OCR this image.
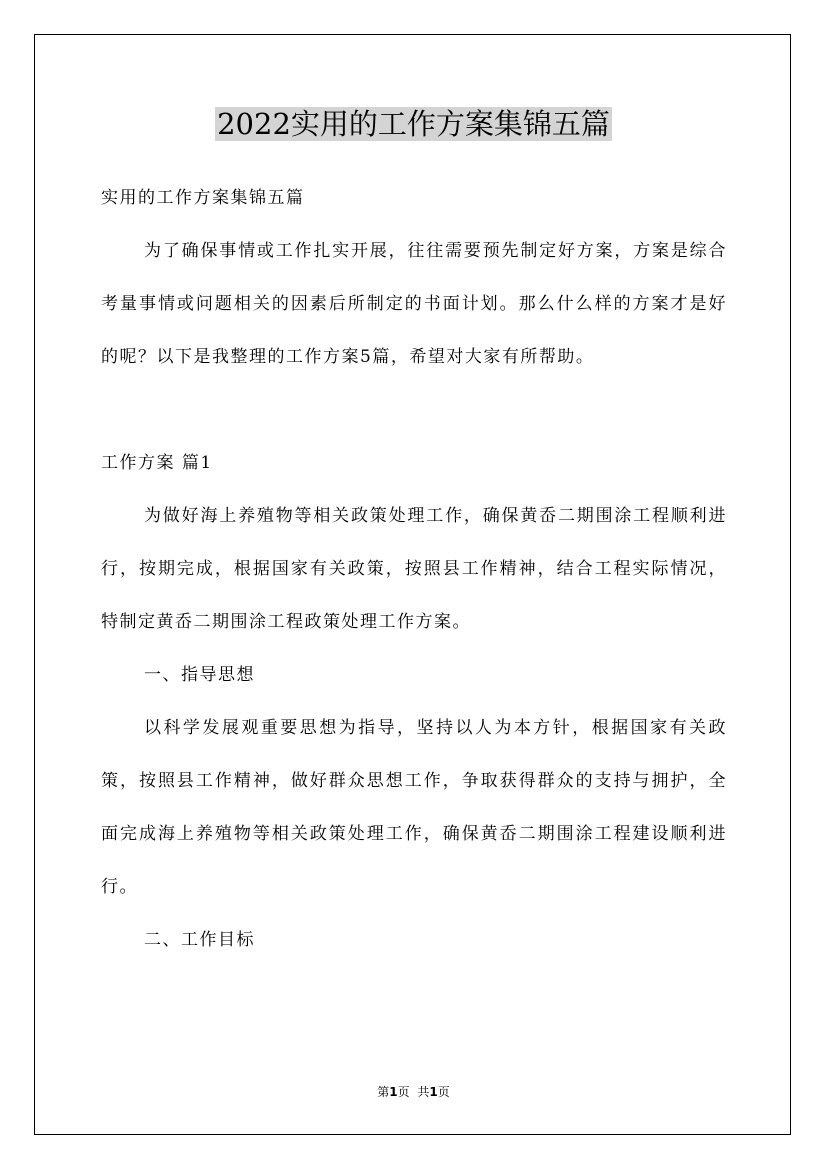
2022实用的工作方案集锦五篇

实用的工作方案集锦五篇

为了确保事情或工作扎实开展，往往需要预先制定好方案，方案是综合考量事情或问题相关的因素后所制定的书面计划。那么什么样的方案才是好的呢？以下是我整理的工作方案5篇，希望对大家有所帮助。

工作方案 篇1

为做好海上养殖物等相关政策处理工作，确保黄岙二期围涂工程顺利进行，按期完成，根据国家有关政策，按照县工作精神，结合工程实际情况，特制定黄岙二期围涂工程政策处理工作方案。

一、指导思想

以科学发展观重要思想为指导，坚持以人为本方针，根据国家有关政策，按照县工作精神，做好群众思想工作，争取获得群众的支持与拥护，全面完成海上养殖物等相关政策处理工作，确保黄岙二期围涂工程建设顺利进行。

二、工作目标

第1页 共1页
